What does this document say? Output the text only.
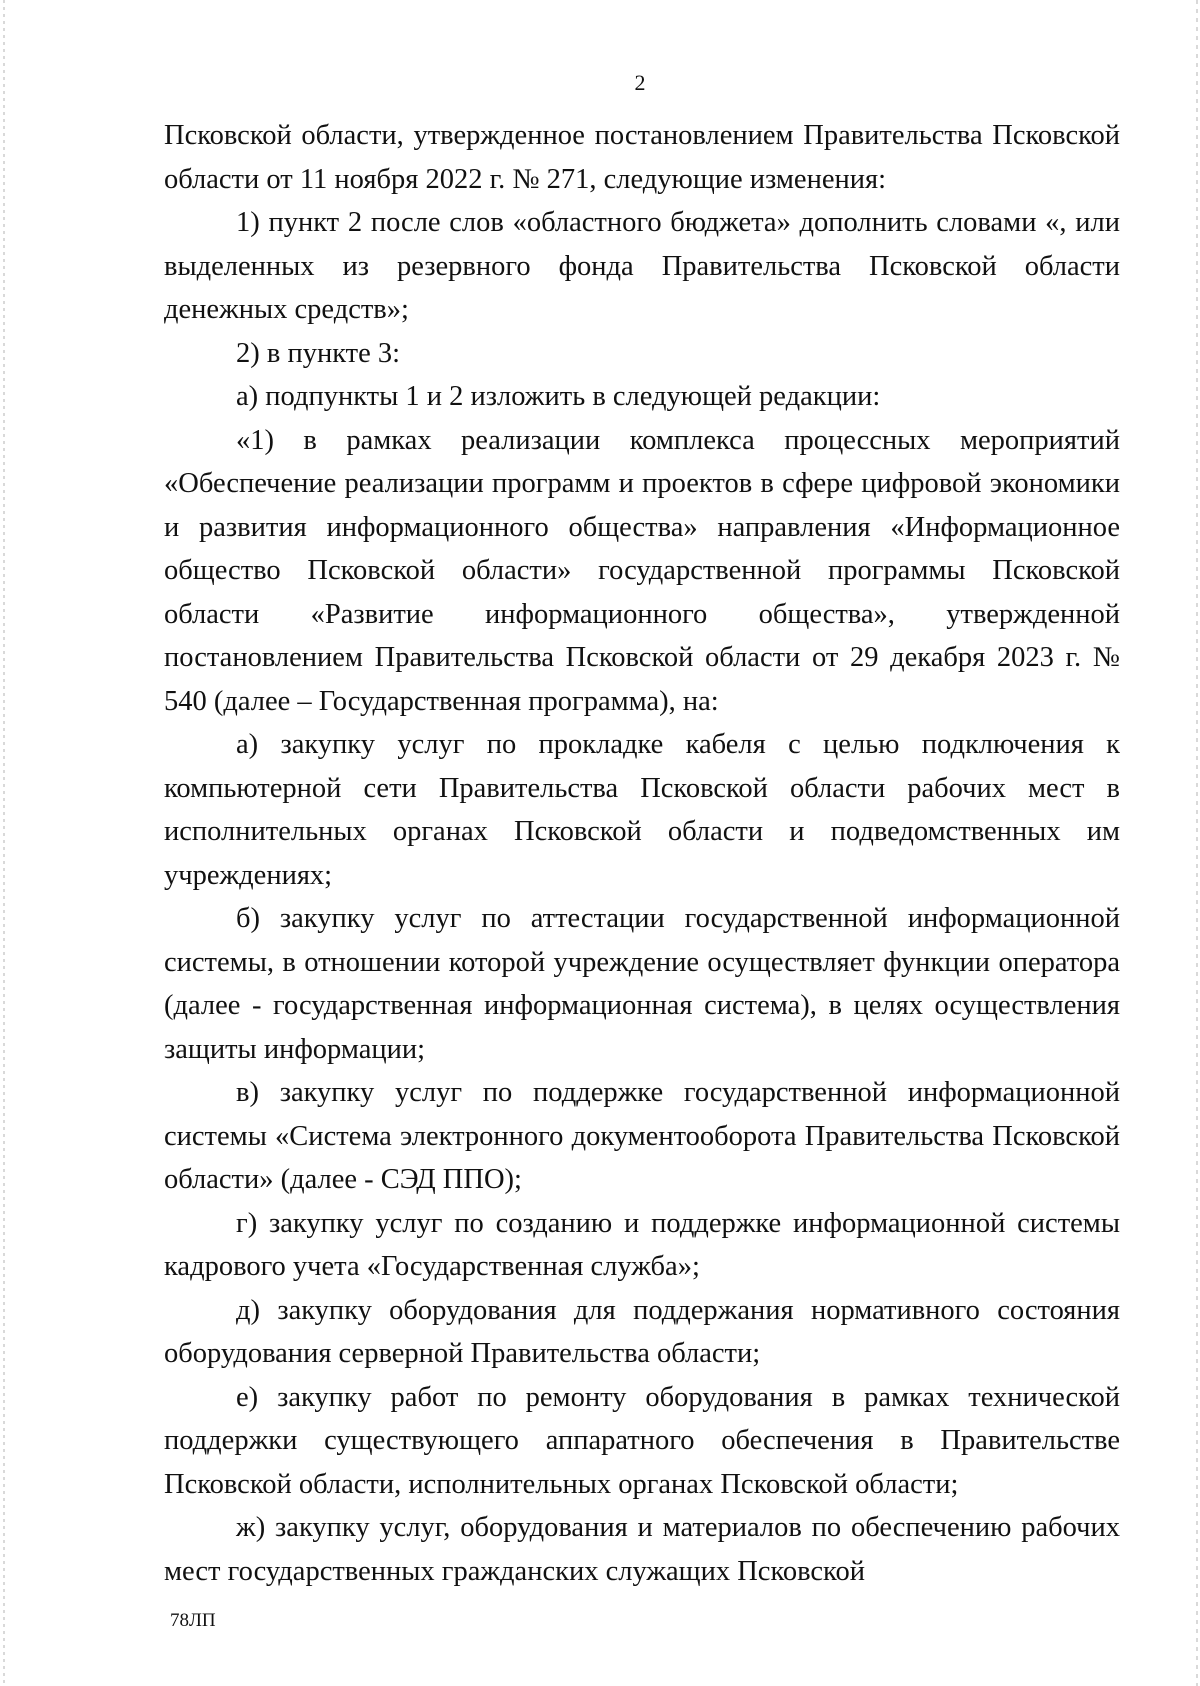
2

Псковской области, утвержденное постановлением Правительства Псковской области от 11 ноября 2022 г. № 271, следующие изменения:

1) пункт 2 после слов «областного бюджета» дополнить словами «, или выделенных из резервного фонда Правительства Псковской области денежных средств»;

2) в пункте 3:

а) подпункты 1 и 2 изложить в следующей редакции:

«1) в рамках реализации комплекса процессных мероприятий «Обеспечение реализации программ и проектов в сфере цифровой экономики и развития информационного общества» направления «Информационное общество Псковской области» государственной программы Псковской области «Развитие информационного общества», утвержденной постановлением Правительства Псковской области от 29 декабря 2023 г. № 540 (далее – Государственная программа), на:

а) закупку услуг по прокладке кабеля с целью подключения к компьютерной сети Правительства Псковской области рабочих мест в исполнительных органах Псковской области и подведомственных им учреждениях;

б) закупку услуг по аттестации государственной информационной системы, в отношении которой учреждение осуществляет функции оператора (далее - государственная информационная система), в целях осуществления защиты информации;

в) закупку услуг по поддержке государственной информационной системы «Система электронного документооборота Правительства Псковской области» (далее - СЭД ППО);

г) закупку услуг по созданию и поддержке информационной системы кадрового учета «Государственная служба»;

д) закупку оборудования для поддержания нормативного состояния оборудования серверной Правительства области;

е) закупку работ по ремонту оборудования в рамках технической поддержки существующего аппаратного обеспечения в Правительстве Псковской области, исполнительных органах Псковской области;

ж) закупку услуг, оборудования и материалов по обеспечению рабочих мест государственных гражданских служащих Псковской

78ЛП
